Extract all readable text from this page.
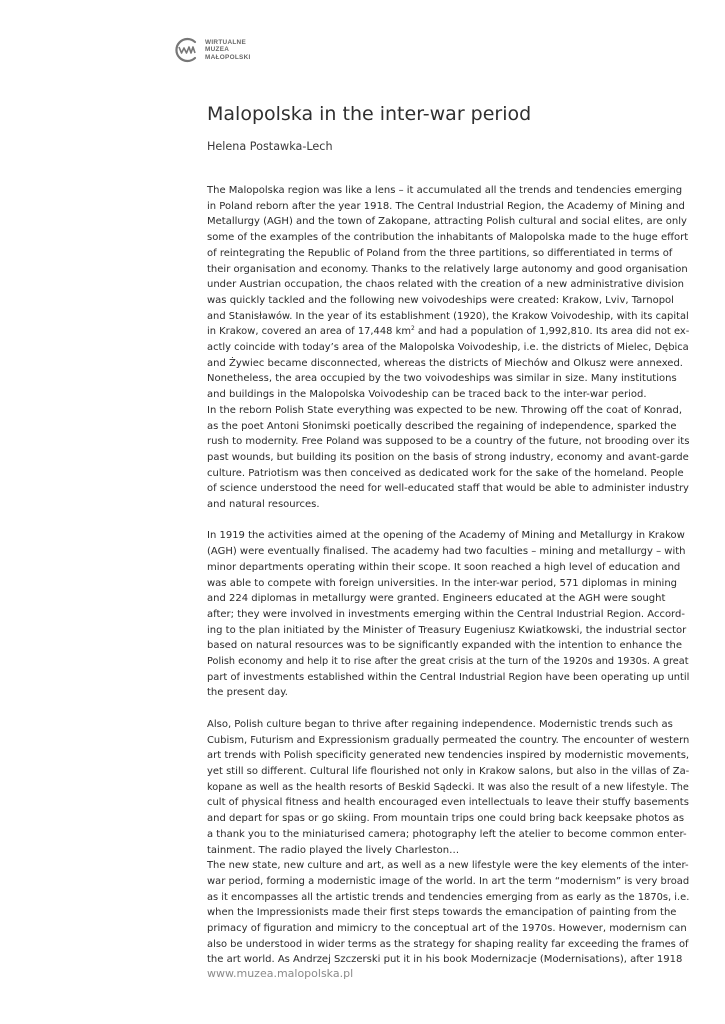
WIRTUALNE
MUZEA
MAŁOPOLSKI
Malopolska in the inter-war period
Helena Postawka-Lech
The Malopolska region was like a lens – it accumulated all the trends and tendencies emerging
in Poland reborn after the year 1918. The Central Industrial Region, the Academy of Mining and
Metallurgy (AGH) and the town of Zakopane, attracting Polish cultural and social elites, are only
some of the examples of the contribution the inhabitants of Malopolska made to the huge effort
of reintegrating the Republic of Poland from the three partitions, so differentiated in terms of
their organisation and economy. Thanks to the relatively large autonomy and good organisation
under Austrian occupation, the chaos related with the creation of a new administrative division
was quickly tackled and the following new voivodeships were created: Krakow, Lviv, Tarnopol
and Stanisławów. In the year of its establishment (1920), the Krakow Voivodeship, with its capital
in Krakow, covered an area of 17,448 $km^2$ and had a population of 1,992,810. Its area did not ex-
actly coincide with today’s area of the Malopolska Voivodeship, i.e. the districts of Mielec, Dębica
and Żywiec became disconnected, whereas the districts of Miechów and Olkusz were annexed.
Nonetheless, the area occupied by the two voivodeships was similar in size. Many institutions
and buildings in the Malopolska Voivodeship can be traced back to the inter-war period.
In the reborn Polish State everything was expected to be new. Throwing off the coat of Konrad,
as the poet Antoni Słonimski poetically described the regaining of independence, sparked the
rush to modernity. Free Poland was supposed to be a country of the future, not brooding over its
past wounds, but building its position on the basis of strong industry, economy and avant-garde
culture. Patriotism was then conceived as dedicated work for the sake of the homeland. People
of science understood the need for well-educated staff that would be able to administer industry
and natural resources.
In 1919 the activities aimed at the opening of the Academy of Mining and Metallurgy in Krakow
(AGH) were eventually finalised. The academy had two faculties – mining and metallurgy – with
minor departments operating within their scope. It soon reached a high level of education and
was able to compete with foreign universities. In the inter-war period, 571 diplomas in mining
and 224 diplomas in metallurgy were granted. Engineers educated at the AGH were sought
after; they were involved in investments emerging within the Central Industrial Region. Accord-
ing to the plan initiated by the Minister of Treasury Eugeniusz Kwiatkowski, the industrial sector
based on natural resources was to be significantly expanded with the intention to enhance the
Polish economy and help it to rise after the great crisis at the turn of the 1920s and 1930s. A great
part of investments established within the Central Industrial Region have been operating up until
the present day.
Also, Polish culture began to thrive after regaining independence. Modernistic trends such as
Cubism, Futurism and Expressionism gradually permeated the country. The encounter of western
art trends with Polish specificity generated new tendencies inspired by modernistic movements,
yet still so different. Cultural life flourished not only in Krakow salons, but also in the villas of Za-
kopane as well as the health resorts of Beskid Sądecki. It was also the result of a new lifestyle. The
cult of physical fitness and health encouraged even intellectuals to leave their stuffy basements
and depart for spas or go skiing. From mountain trips one could bring back keepsake photos as
a thank you to the miniaturised camera; photography left the atelier to become common enter-
tainment. The radio played the lively Charleston…
The new state, new culture and art, as well as a new lifestyle were the key elements of the inter-
war period, forming a modernistic image of the world. In art the term “modernism” is very broad
as it encompasses all the artistic trends and tendencies emerging from as early as the 1870s, i.e.
when the Impressionists made their first steps towards the emancipation of painting from the
primacy of figuration and mimicry to the conceptual art of the 1970s. However, modernism can
also be understood in wider terms as the strategy for shaping reality far exceeding the frames of
the art world. As Andrzej Szczerski put it in his book Modernizacje (Modernisations), after 1918
www.muzea.malopolska.pl
